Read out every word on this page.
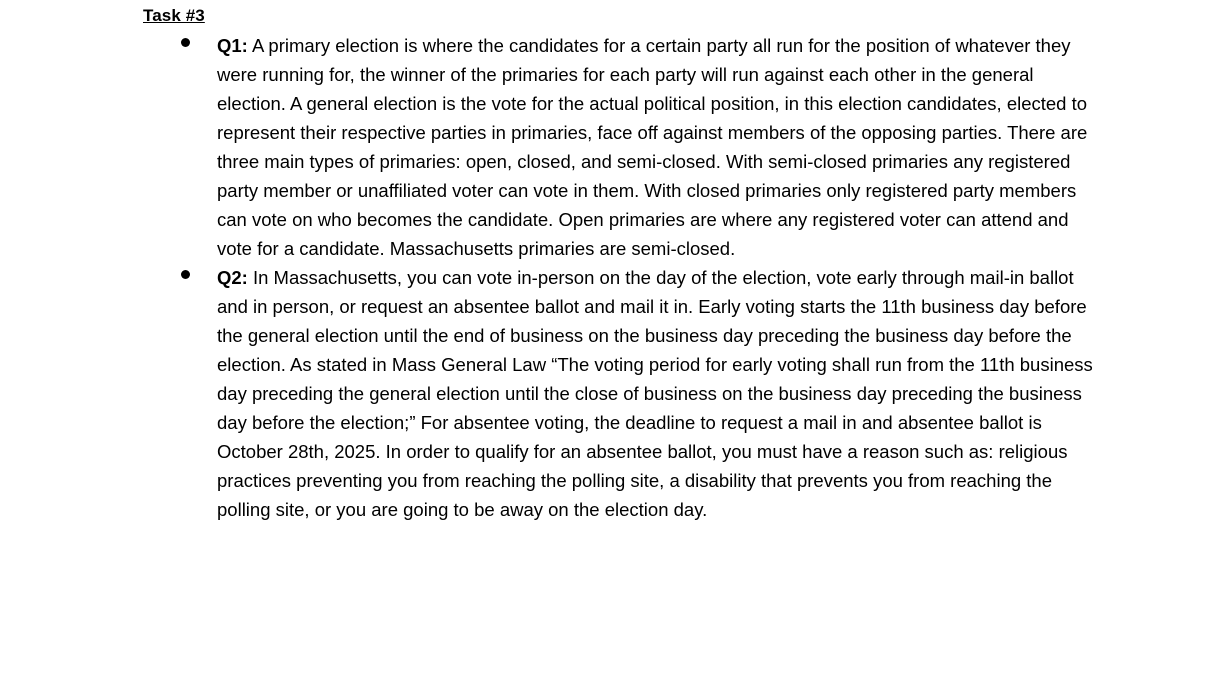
Task #3

Q1: A primary election is where the candidates for a certain party all run for the position of whatever they were running for, the winner of the primaries for each party will run against each other in the general election. A general election is the vote for the actual political position, in this election candidates, elected to represent their respective parties in primaries, face off against members of the opposing parties. There are three main types of primaries: open, closed, and semi-closed. With semi-closed primaries any registered party member or unaffiliated voter can vote in them. With closed primaries only registered party members can vote on who becomes the candidate. Open primaries are where any registered voter can attend and vote for a candidate. Massachusetts primaries are semi-closed.

Q2: In Massachusetts, you can vote in-person on the day of the election, vote early through mail-in ballot and in person, or request an absentee ballot and mail it in. Early voting starts the 11th business day before the general election until the end of business on the business day preceding the business day before the election. As stated in Mass General Law “The voting period for early voting shall run from the 11th business day preceding the general election until the close of business on the business day preceding the business day before the election;” For absentee voting, the deadline to request a mail in and absentee ballot is October 28th, 2025. In order to qualify for an absentee ballot, you must have a reason such as: religious practices preventing you from reaching the polling site, a disability that prevents you from reaching the polling site, or you are going to be away on the election day.
